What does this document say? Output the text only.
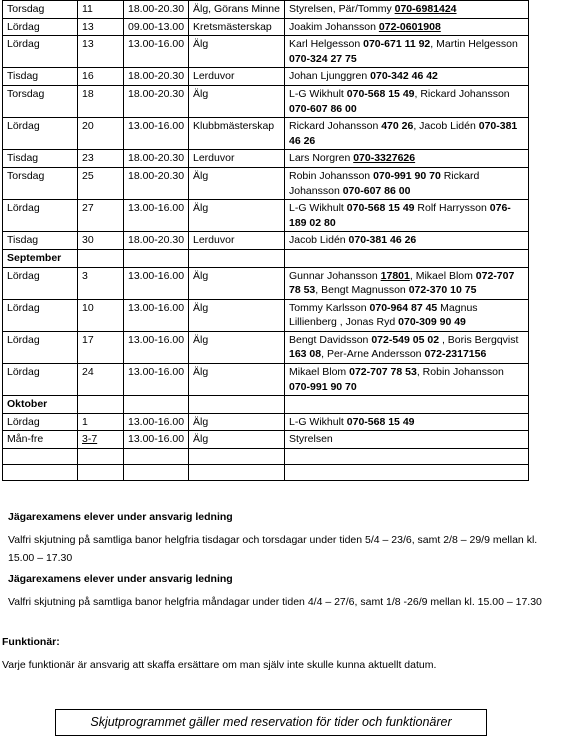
Torsdag	11	18.00-20.30	Älg, Görans Minne	Styrelsen, Pär/Tommy 070-6981424
Lördag	13	09.00-13.00	Kretsmästerskap	Joakim Johansson 072-0601908
Lördag	13	13.00-16.00	Älg	Karl Helgesson 070-671 11 92, Martin Helgesson 070-324 27 75
Tisdag	16	18.00-20.30	Lerduvor	Johan Ljunggren 070-342 46 42
Torsdag	18	18.00-20.30	Älg	L-G Wikhult 070-568 15 49, Rickard Johansson 070-607 86 00
Lördag	20	13.00-16.00	Klubbmästerskap	Rickard Johansson 470 26, Jacob Lidén 070-381 46 26
Tisdag	23	18.00-20.30	Lerduvor	Lars Norgren 070-3327626
Torsdag	25	18.00-20.30	Älg	Robin Johansson 070-991 90 70 Rickard Johansson 070-607 86 00
Lördag	27	13.00-16.00	Älg	L-G Wikhult 070-568 15 49 Rolf Harrysson 076-189 02 80
Tisdag	30	18.00-20.30	Lerduvor	Jacob Lidén 070-381 46 26
September				
Lördag	3	13.00-16.00	Älg	Gunnar Johansson 17801, Mikael Blom 072-707 78 53, Bengt Magnusson 072-370 10 75
Lördag	10	13.00-16.00	Älg	Tommy Karlsson 070-964 87 45 Magnus Lillienberg , Jonas Ryd 070-309 90 49
Lördag	17	13.00-16.00	Älg	Bengt Davidsson 072-549 05 02 , Boris Bergqvist 163 08, Per-Arne Andersson 072-2317156
Lördag	24	13.00-16.00	Älg	Mikael Blom 072-707 78 53, Robin Johansson 070-991 90 70
Oktober				
Lördag	1	13.00-16.00	Älg	L-G Wikhult 070-568 15 49
Mån-fre	3-7	13.00-16.00	Älg	Styrelsen

Jägarexamens elever under ansvarig ledning
Valfri skjutning på samtliga banor helgfria tisdagar och torsdagar under tiden 5/4 – 23/6, samt 2/8 – 29/9 mellan kl. 15.00 – 17.30
Jägarexamens elever under ansvarig ledning
Valfri skjutning på samtliga banor helgfria måndagar under tiden 4/4 – 27/6, samt 1/8 -26/9 mellan kl. 15.00 – 17.30
Funktionär:
Varje funktionär är ansvarig att skaffa ersättare om man själv inte skulle kunna aktuellt datum.
Skjutprogrammet gäller med reservation för tider och funktionärer
